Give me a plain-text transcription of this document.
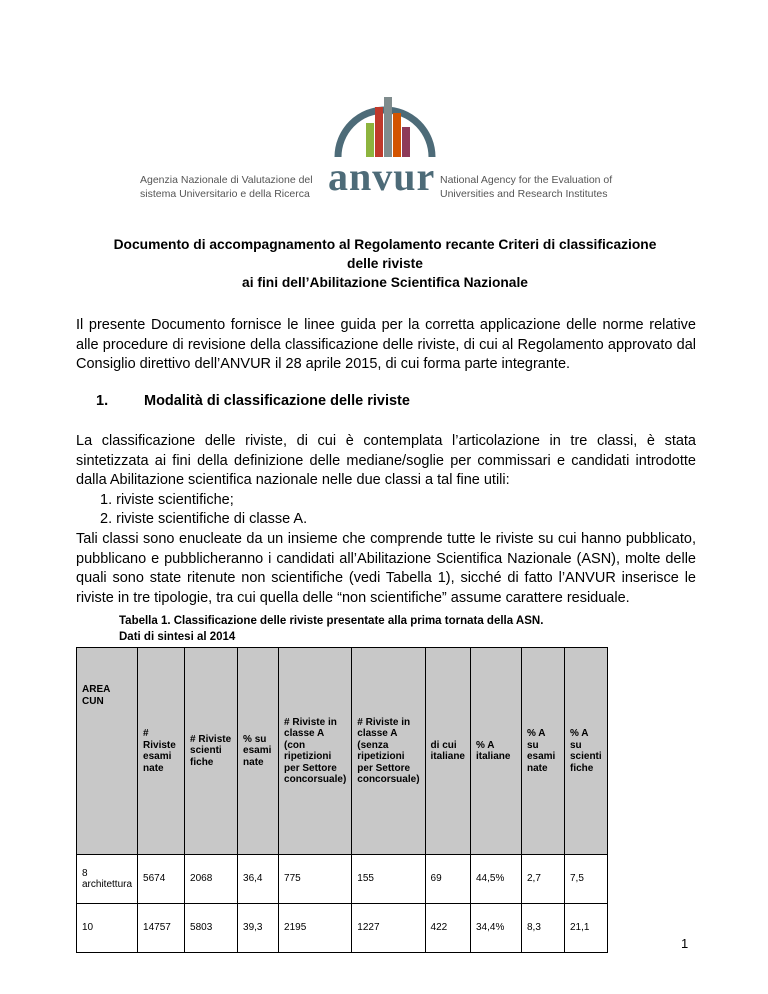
anvur
Agenzia Nazionale di Valutazione del
sistema Universitario e della Ricerca
National Agency for the Evaluation of
Universities and Research Institutes
Documento di accompagnamento al Regolamento recante Criteri di classificazione
delle riviste
ai fini dell’Abilitazione Scientifica Nazionale
Il presente Documento fornisce le linee guida per la corretta applicazione delle norme relative alle procedure di revisione della classificazione delle riviste, di cui al Regolamento approvato dal Consiglio direttivo dell’ANVUR il 28 aprile 2015, di cui forma parte integrante.
1. Modalità di classificazione delle riviste
La classificazione delle riviste, di cui è contemplata l’articolazione in tre classi, è stata sintetizzata ai fini della definizione delle mediane/soglie per commissari e candidati introdotte dalla Abilitazione scientifica nazionale nelle due classi a tal fine utili:
1. riviste scientifiche;
2. riviste scientifiche di classe A.
Tali classi sono enucleate da un insieme che comprende tutte le riviste su cui hanno pubblicato, pubblicano e pubblicheranno i candidati all’Abilitazione Scientifica Nazionale (ASN), molte delle quali sono state ritenute non scientifiche (vedi Tabella 1), sicché di fatto l’ANVUR inserisce le riviste in tre tipologie, tra cui quella delle “non scientifiche” assume carattere residuale.
Tabella 1. Classificazione delle riviste presentate alla prima tornata della ASN.
Dati di sintesi al 2014
AREA CUN	# Riviste esami nate	# Riviste scienti fiche	% su esami nate	# Riviste in classe A (con ripetizioni per Settore concorsuale)	# Riviste in classe A (senza ripetizioni per Settore concorsuale)	di cui italiane	% A italiane	% A su esami nate	% A su scienti fiche
8 architettura	5674	2068	36,4	775	155	69	44,5%	2,7	7,5
10	14757	5803	39,3	2195	1227	422	34,4%	8,3	21,1
1
